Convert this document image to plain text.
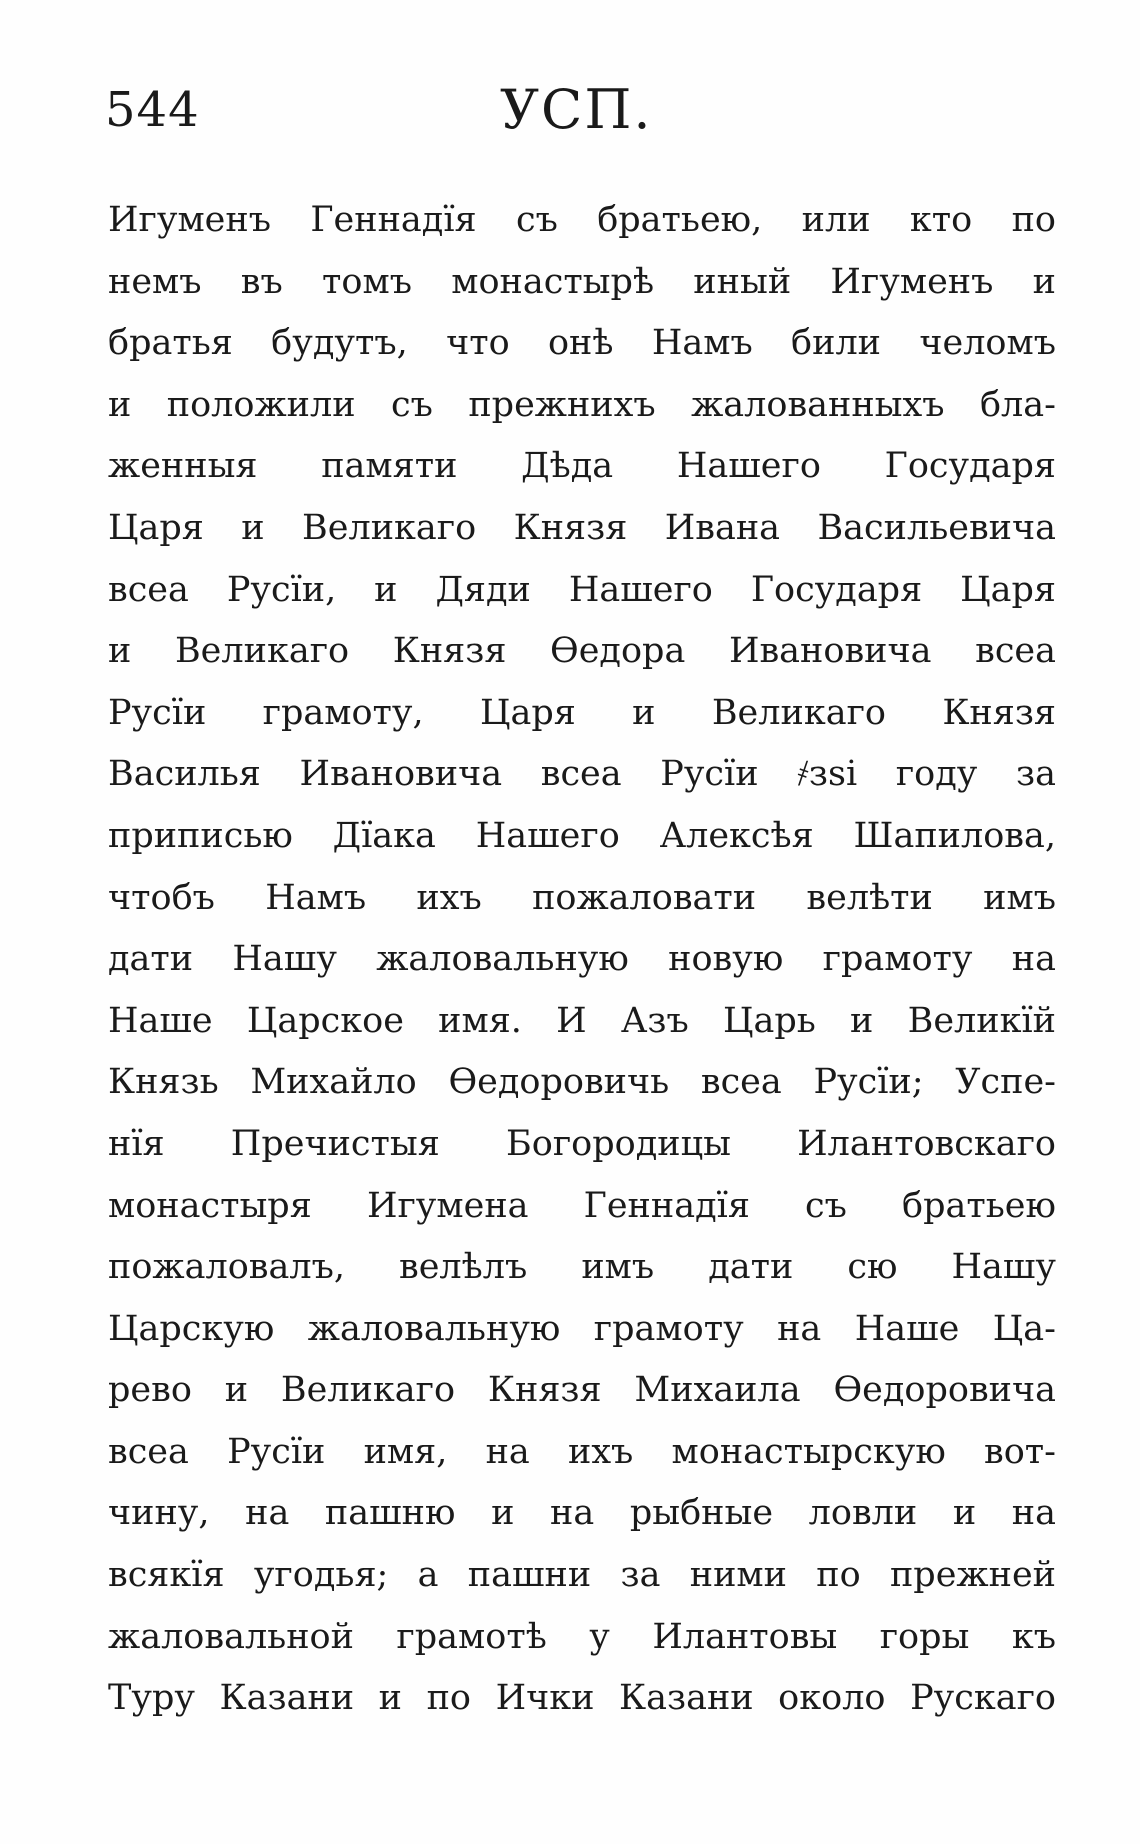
544	УСП.
Игуменъ Геннадїя съ братьею, или кто по
немъ въ томъ монастырѣ иный Игуменъ и
братья будутъ, что онѣ Намъ били челомъ
и положили съ прежнихъ жалованныхъ бла-
женныя памяти Дѣда Нашего Государя
Царя и Великаго Князя Ивана Васильевича
всеа Русїи, и Дяди Нашего Государя Царя
и Великаго Князя Ѳедора Ивановича всеа
Русїи грамоту, Царя и Великаго Князя
Василья Ивановича всеа Русїи ҂зѕі году за
приписью Дїака Нашего Алексѣя Шапилова,
чтобъ Намъ ихъ пожаловати велѣти имъ
дати Нашу жаловальную новую грамоту на
Наше Царское имя. И Азъ Царь и Великїй
Князь Михайло Ѳедоровичь всеа Русїи; Успе-
нїя Пречистыя Богородицы Илантовскаго
монастыря Игумена Геннадїя съ братьею
пожаловалъ, велѣлъ имъ дати сю Нашу
Царскую жаловальную грамоту на Наше Ца-
рево и Великаго Князя Михаила Ѳедоровича
всеа Русїи имя, на ихъ монастырскую вот-
чину, на пашню и на рыбные ловли и на
всякїя угодья; а пашни за ними по прежней
жаловальной грамотѣ у Илантовы горы къ
Туру Казани и по Ички Казани около Рускаго
